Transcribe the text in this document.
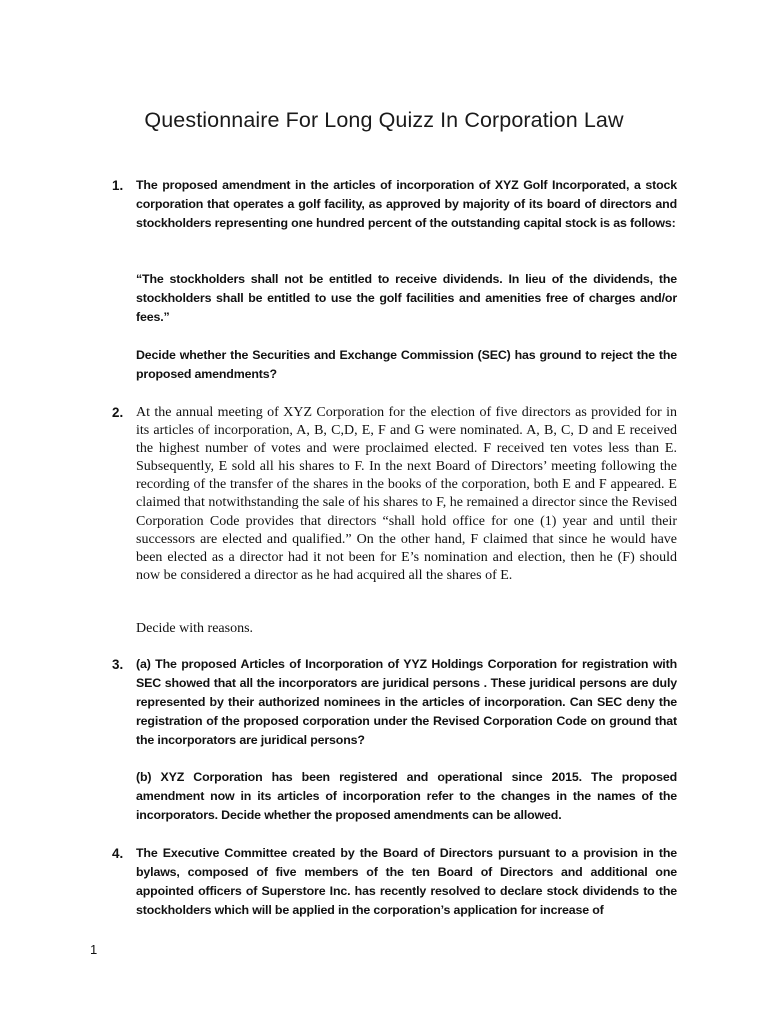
Questionnaire For Long Quizz In Corporation Law
1. The proposed amendment in the articles of incorporation of XYZ Golf Incorporated, a stock corporation that operates a golf facility, as approved by majority of its board of directors and stockholders representing one hundred percent of the outstanding capital stock is as follows:

“The stockholders shall not be entitled to receive dividends. In lieu of the dividends, the stockholders shall be entitled to use the golf facilities and amenities free of charges and/or fees.”

Decide whether the Securities and Exchange Commission (SEC) has ground to reject the the proposed amendments?

2. At the annual meeting of XYZ Corporation for the election of five directors as provided for in its articles of incorporation, A, B, C,D, E, F and G were nominated. A, B, C, D and E received the highest number of votes and were proclaimed elected. F received ten votes less than E. Subsequently, E sold all his shares to F. In the next Board of Directors’ meeting following the recording of the transfer of the shares in the books of the corporation, both E and F appeared. E claimed that notwithstanding the sale of his shares to F, he remained a director since the Revised Corporation Code provides that directors “shall hold office for one (1) year and until their successors are elected and qualified.” On the other hand, F claimed that since he would have been elected as a director had it not been for E’s nomination and election, then he (F) should now be considered a director as he had acquired all the shares of E.

Decide with reasons.

3. (a) The proposed Articles of Incorporation of YYZ Holdings Corporation for registration with SEC showed that all the incorporators are juridical persons . These juridical persons are duly represented by their authorized nominees in the articles of incorporation. Can SEC deny the registration of the proposed corporation under the Revised Corporation Code on ground that the incorporators are juridical persons?

(b) XYZ Corporation has been registered and operational since 2015. The proposed amendment now in its articles of incorporation refer to the changes in the names of the incorporators. Decide whether the proposed amendments can be allowed.

4. The Executive Committee created by the Board of Directors pursuant to a provision in the bylaws, composed of five members of the ten Board of Directors and additional one appointed officers of Superstore Inc. has recently resolved to declare stock dividends to the stockholders which will be applied in the corporation’s application for increase of

1
